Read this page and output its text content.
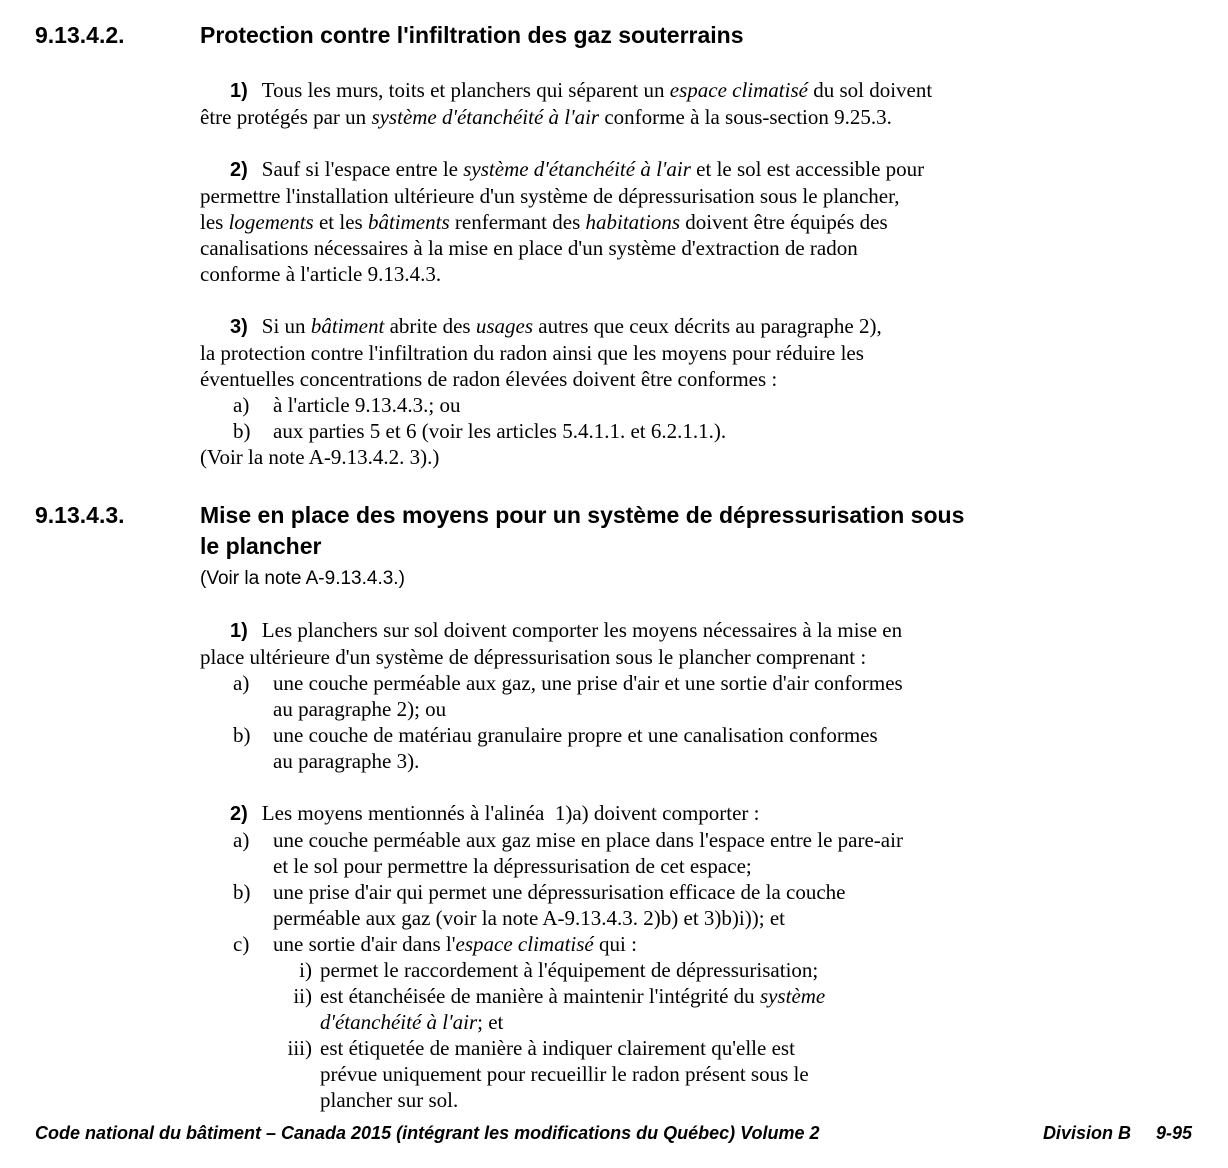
9.13.4.2.	Protection contre l'infiltration des gaz souterrains
1) Tous les murs, toits et planchers qui séparent un espace climatisé du sol doivent
être protégés par un système d'étanchéité à l'air conforme à la sous-section 9.25.3.
2) Sauf si l'espace entre le système d'étanchéité à l'air et le sol est accessible pour
permettre l'installation ultérieure d'un système de dépressurisation sous le plancher,
les logements et les bâtiments renfermant des habitations doivent être équipés des
canalisations nécessaires à la mise en place d'un système d'extraction de radon
conforme à l'article 9.13.4.3.
3) Si un bâtiment abrite des usages autres que ceux décrits au paragraphe 2),
la protection contre l'infiltration du radon ainsi que les moyens pour réduire les
éventuelles concentrations de radon élevées doivent être conformes :
a) à l'article 9.13.4.3.; ou
b) aux parties 5 et 6 (voir les articles 5.4.1.1. et 6.2.1.1.).
(Voir la note A-9.13.4.2. 3).)
9.13.4.3.	Mise en place des moyens pour un système de dépressurisation sous
le plancher
(Voir la note A-9.13.4.3.)
1) Les planchers sur sol doivent comporter les moyens nécessaires à la mise en
place ultérieure d'un système de dépressurisation sous le plancher comprenant :
a) une couche perméable aux gaz, une prise d'air et une sortie d'air conformes
au paragraphe 2); ou
b) une couche de matériau granulaire propre et une canalisation conformes
au paragraphe 3).
2) Les moyens mentionnés à l'alinéa  1)a) doivent comporter :
a) une couche perméable aux gaz mise en place dans l'espace entre le pare-air
et le sol pour permettre la dépressurisation de cet espace;
b) une prise d'air qui permet une dépressurisation efficace de la couche
perméable aux gaz (voir la note A-9.13.4.3. 2)b) et 3)b)i)); et
c) une sortie d'air dans l'espace climatisé qui :
i) permet le raccordement à l'équipement de dépressurisation;
ii) est étanchéisée de manière à maintenir l'intégrité du système
d'étanchéité à l'air; et
iii) est étiquetée de manière à indiquer clairement qu'elle est
prévue uniquement pour recueillir le radon présent sous le
plancher sur sol.
Code national du bâtiment – Canada 2015 (intégrant les modifications du Québec) Volume 2	Division B 9-95
